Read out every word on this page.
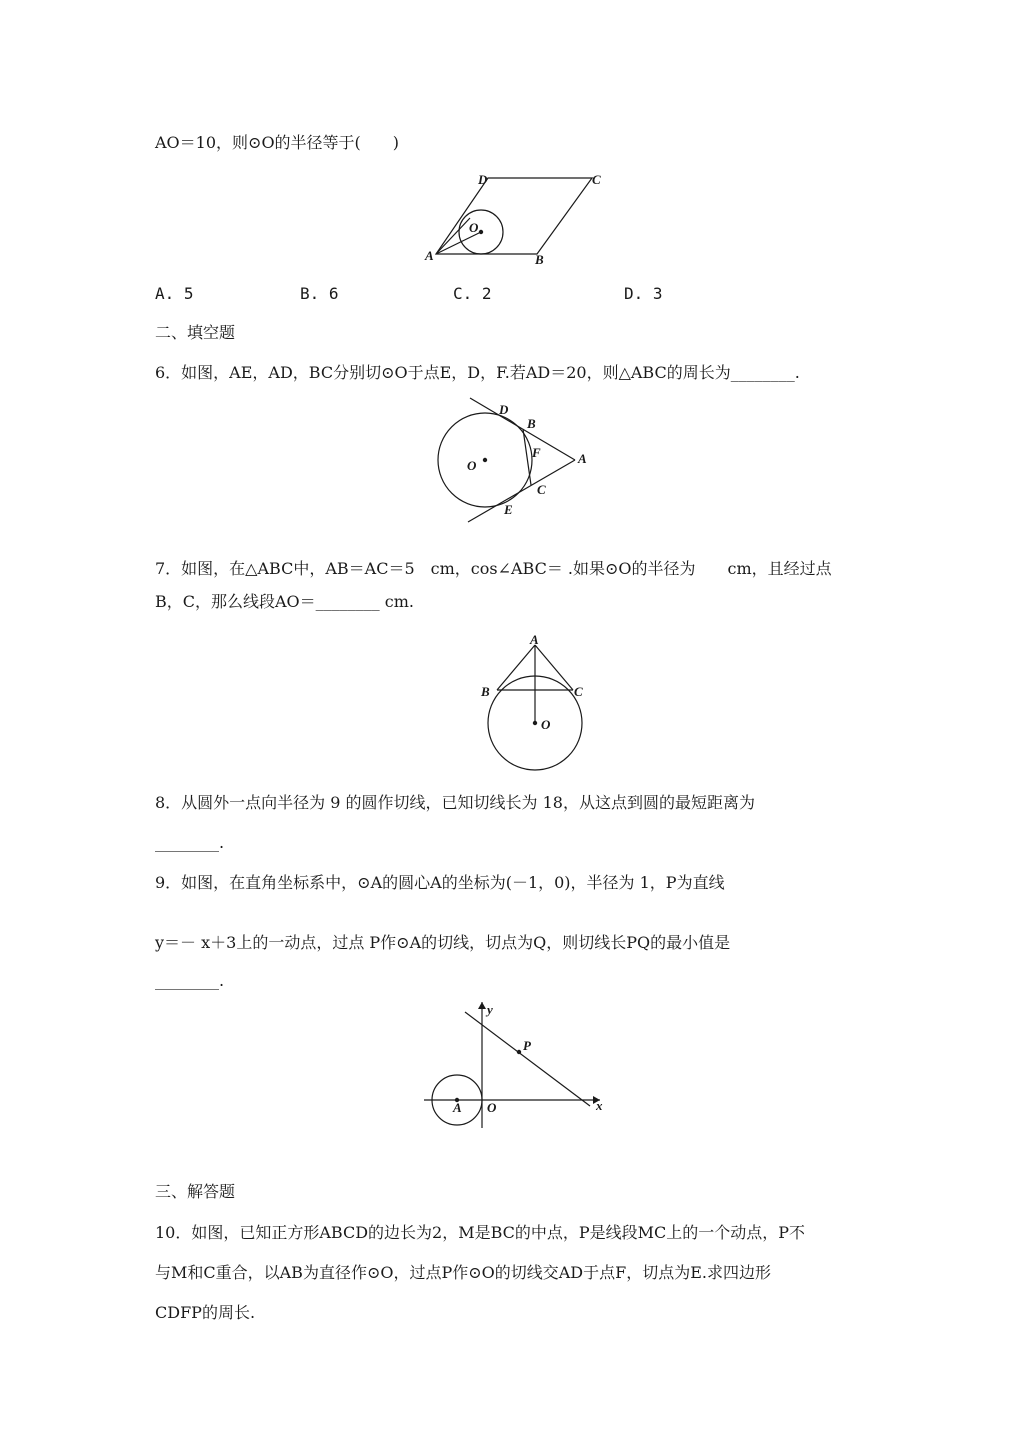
AO＝10，则⊙O的半径等于(　　)
D	C
O
A	B
A. 5	B. 6	C. 2	D. 3
二、填空题
6．如图，AE，AD，BC分别切⊙O于点E，D，F.若AD＝20，则△ABC的周长为________.
D
B
F	A
O
C
E
7．如图，在△ABC中，AB＝AC＝5　cm，cos∠ABC＝ .如果⊙O的半径为　　cm，且经过点
B，C，那么线段AO＝________ cm.
A
B	C
O
8．从圆外一点向半径为 9 的圆作切线，已知切线长为 18，从这点到圆的最短距离为
________.
9．如图，在直角坐标系中，⊙A的圆心A的坐标为(－1，0)，半径为 1，P为直线
y＝－ x＋3上的一动点，过点 P作⊙A的切线，切点为Q，则切线长PQ的最小值是
________.
y
P
A O	x
三、解答题
10．如图，已知正方形ABCD的边长为2，M是BC的中点，P是线段MC上的一个动点，P不
与M和C重合，以AB为直径作⊙O，过点P作⊙O的切线交AD于点F，切点为E.求四边形
CDFP的周长.
